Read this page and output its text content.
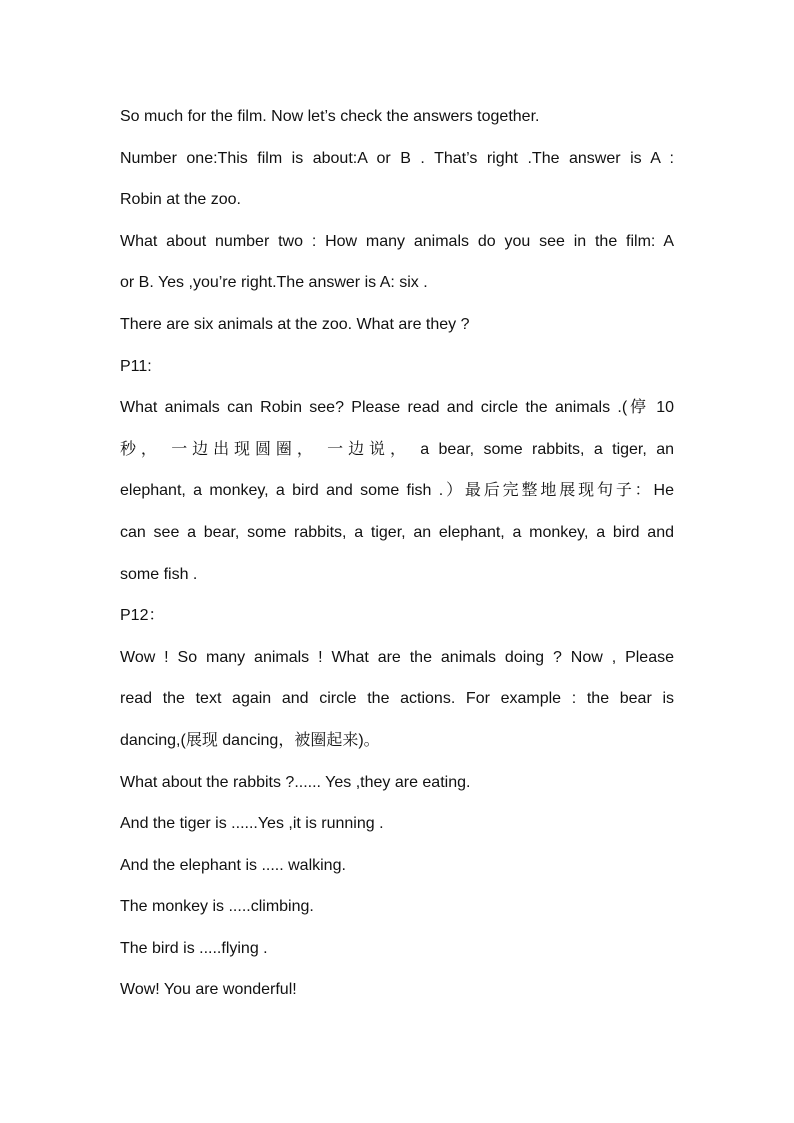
So much for the film. Now let’s check the answers together.
Number one:This film is about:A or B . That’s right .The answer is A :
Robin at the zoo.
What about number two : How many animals do you see in the film: A
or B. Yes ,you’re right.The answer is A: six .
There are six animals at the zoo. What are they ?
P11:
What animals can Robin see? Please read and circle the animals .(停 10
秒， 一边出现圆圈， 一边说， a bear, some rabbits, a tiger, an
elephant, a monkey, a bird and some fish .）最后完整地展现句子：He
can see a bear, some rabbits, a tiger, an elephant, a monkey, a bird and
some fish .
P12：
Wow ! So many animals ! What are the animals doing ? Now , Please
read the text again and circle the actions. For example : the bear is
dancing,(展现 dancing，被圈起来)。
What about the rabbits ?...... Yes ,they are eating.
And the tiger is ......Yes ,it is running .
And the elephant is ..... walking.
The monkey is .....climbing.
The bird is .....flying .
Wow! You are wonderful!
